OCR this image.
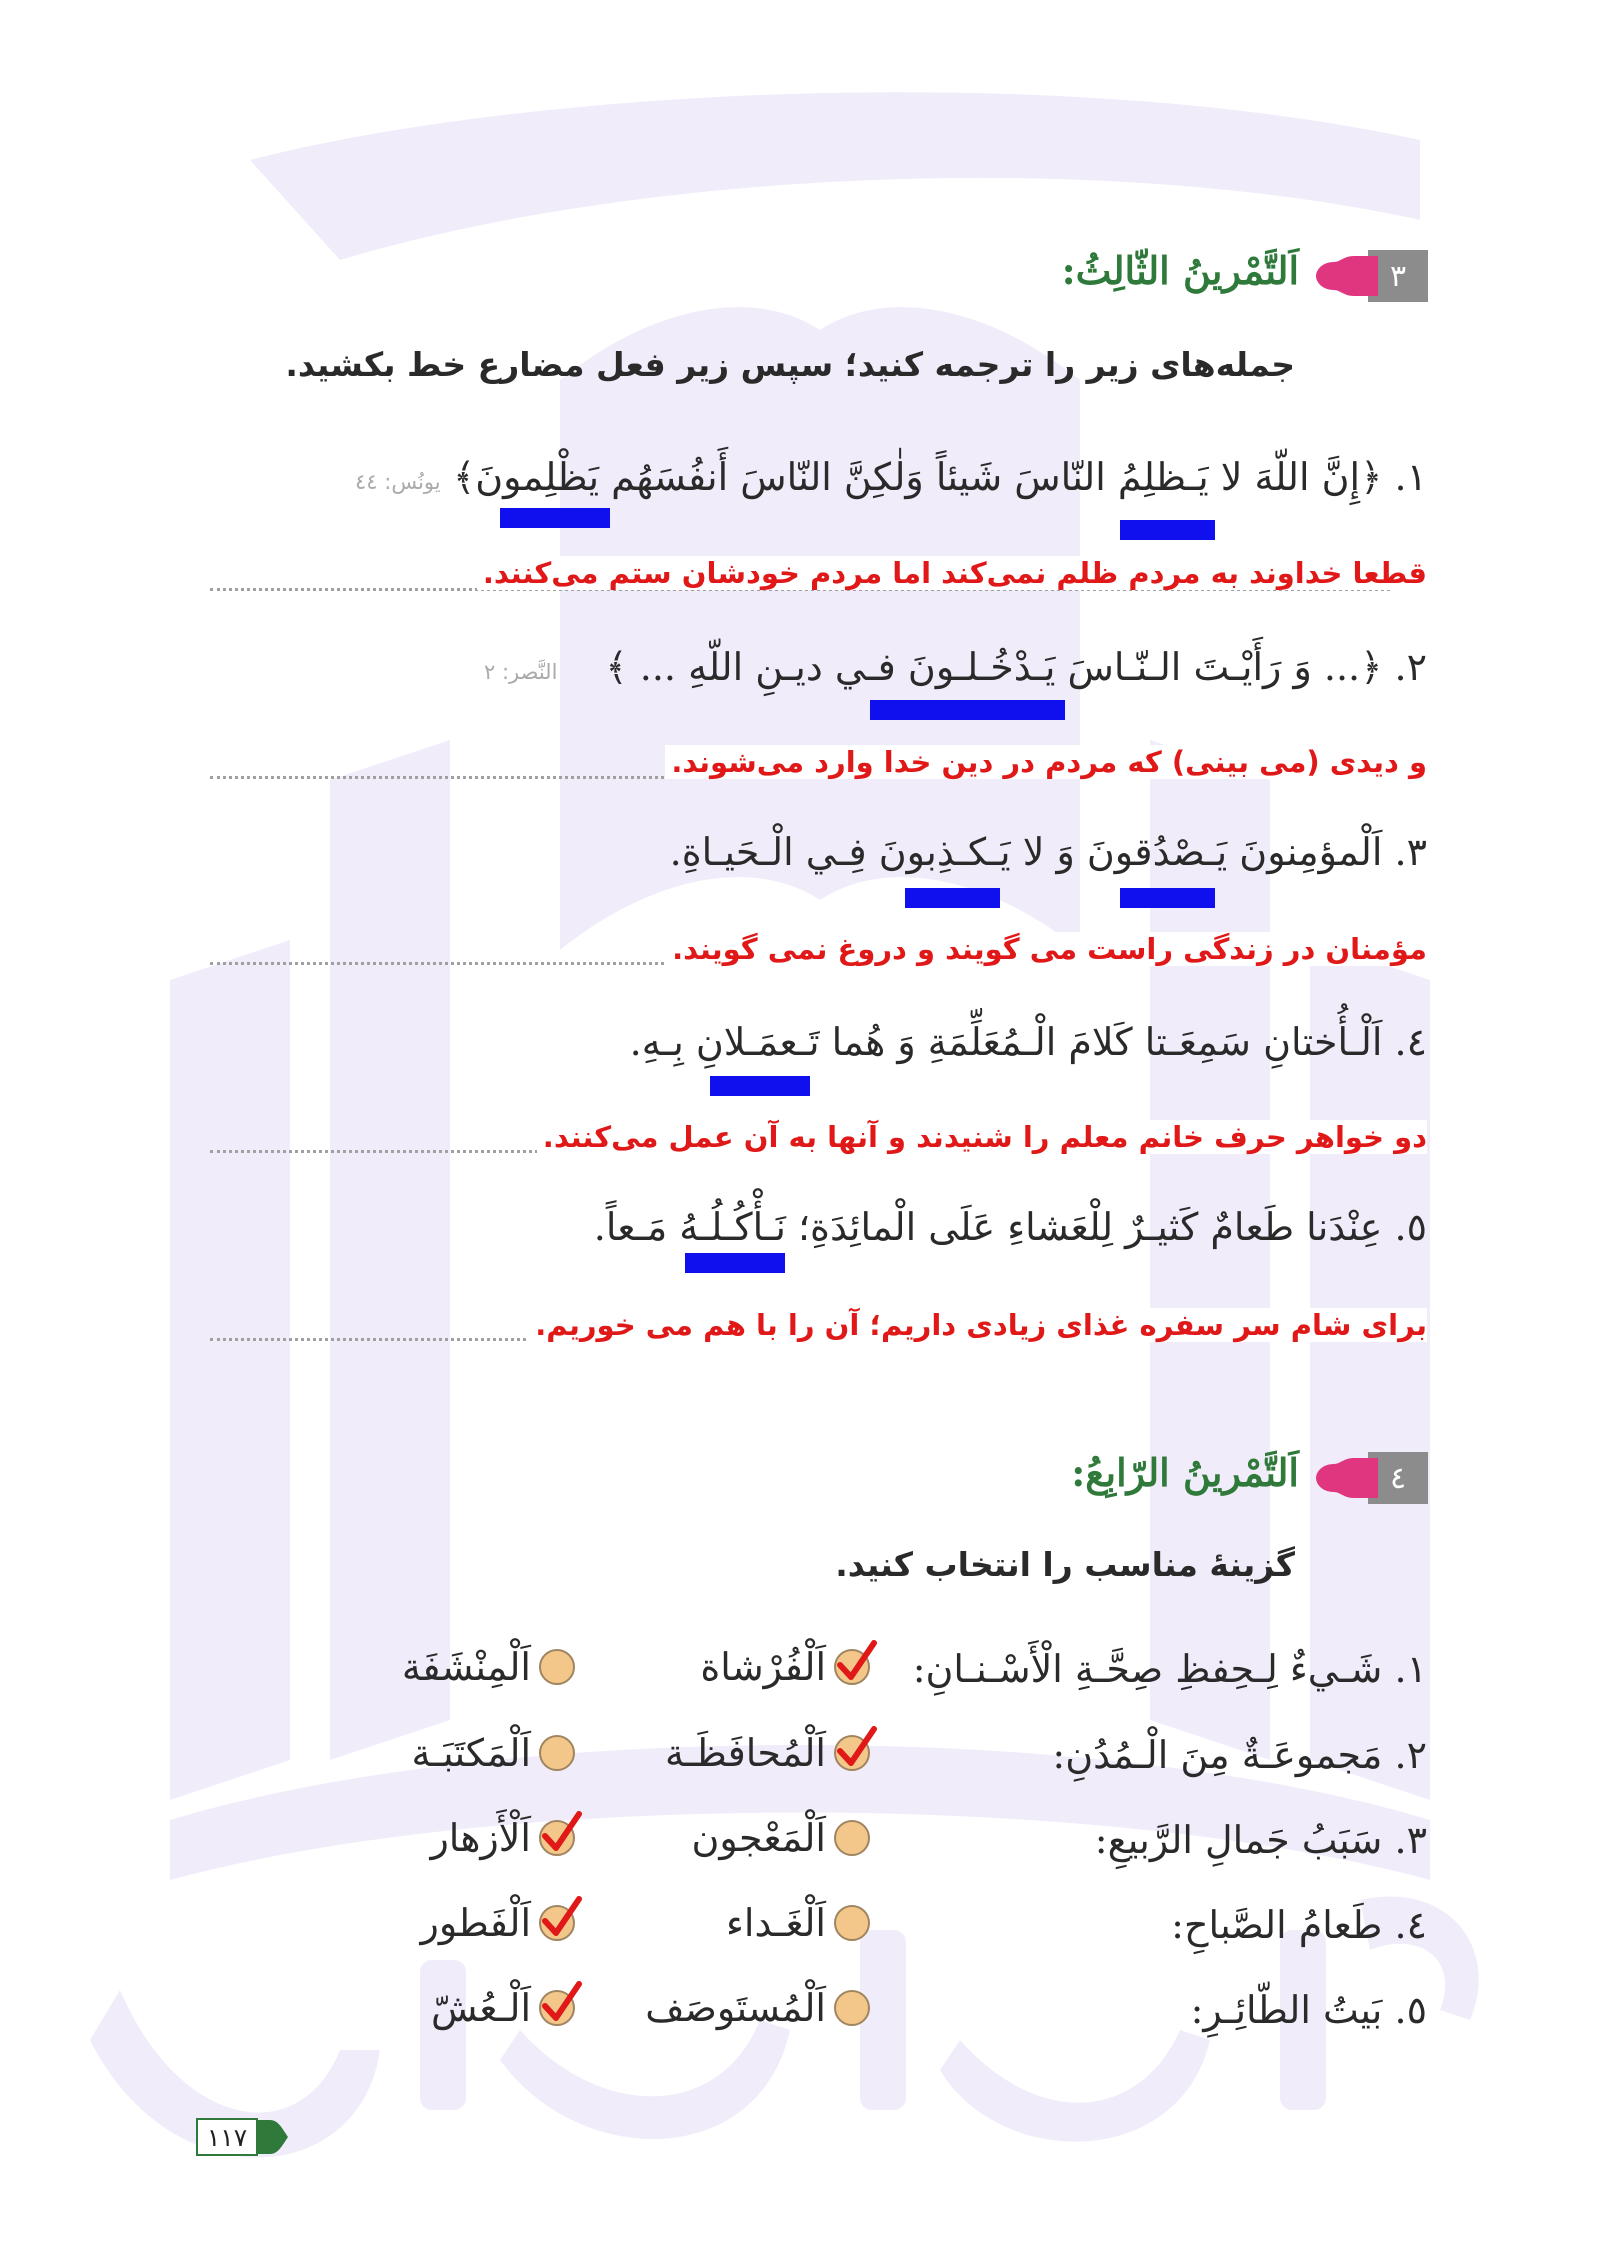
٣
اَلتَّمْرينُ الثّالِثُ:
جمله‌های زیر را ترجمه کنید؛ سپس زیر فعل مضارع خط بکشید.
١. ﴿إِنَّ اللّهَ لا يَـظلِمُ النّاسَ شَيئاً وَلٰكِنَّ النّاسَ أَنفُسَهُم يَظْلِمونَ﴾
يونُس: ٤٤
قطعا خداوند به مردم ظلم نمی‌کند اما مردم خودشان ستم می‌کنند.
٢. ﴿... وَ رَأَيْـتَ الـنّـاسَ يَـدْخُـلـونَ فـي ديـنِ اللّهِ ... ﴾
النَّصر: ٢
و دیدی (می بینی) که مردم در دین خدا وارد می‌شوند.
٣. اَلْمؤمِنونَ يَـصْدُقونَ وَ لا يَـكـذِبونَ فِـي الْـحَيـاةِ.
مؤمنان در زندگی راست می گویند و دروغ نمی گویند.
٤. اَلْـأُختانِ سَمِعَـتا كَلامَ الْـمُعَلِّمَةِ وَ هُما تَـعمَـلانِ بِـهِ.
دو خواهر حرف خانم معلم را شنیدند و آنها به آن عمل می‌کنند.
٥. عِنْدَنا طَعامٌ كَثيـرٌ لِلْعَشاءِ عَلَى الْمائِدَةِ؛ نَـأْكُـلُـهُ مَـعاً.
برای شام سر سفره غذای زیادی داریم؛ آن را با هم می خوریم.
٤
اَلتَّمْرينُ الرّابِعُ:
گزینۀ مناسب را انتخاب کنید.
١. شَـيءٌ لِـحِفظِ صِحَّـةِ الْأَسْـنـانِ:
اَلْفُرْشاة
اَلْمِنْشَفَة
٢. مَجموعَـةٌ مِنَ الْـمُدُنِ:
اَلْمُحافَظَـة
اَلْمَكتَبَـة
٣. سَبَبُ جَمالِ الرَّبيعِ:
اَلْمَعْجون
اَلْأَزهار
٤. طَعامُ الصَّباحِ:
اَلْغَـداء
اَلْفَطور
٥. بَيتُ الطّائِـرِ:
اَلْمُستَوصَف
اَلْـعُشّ
١١٧
